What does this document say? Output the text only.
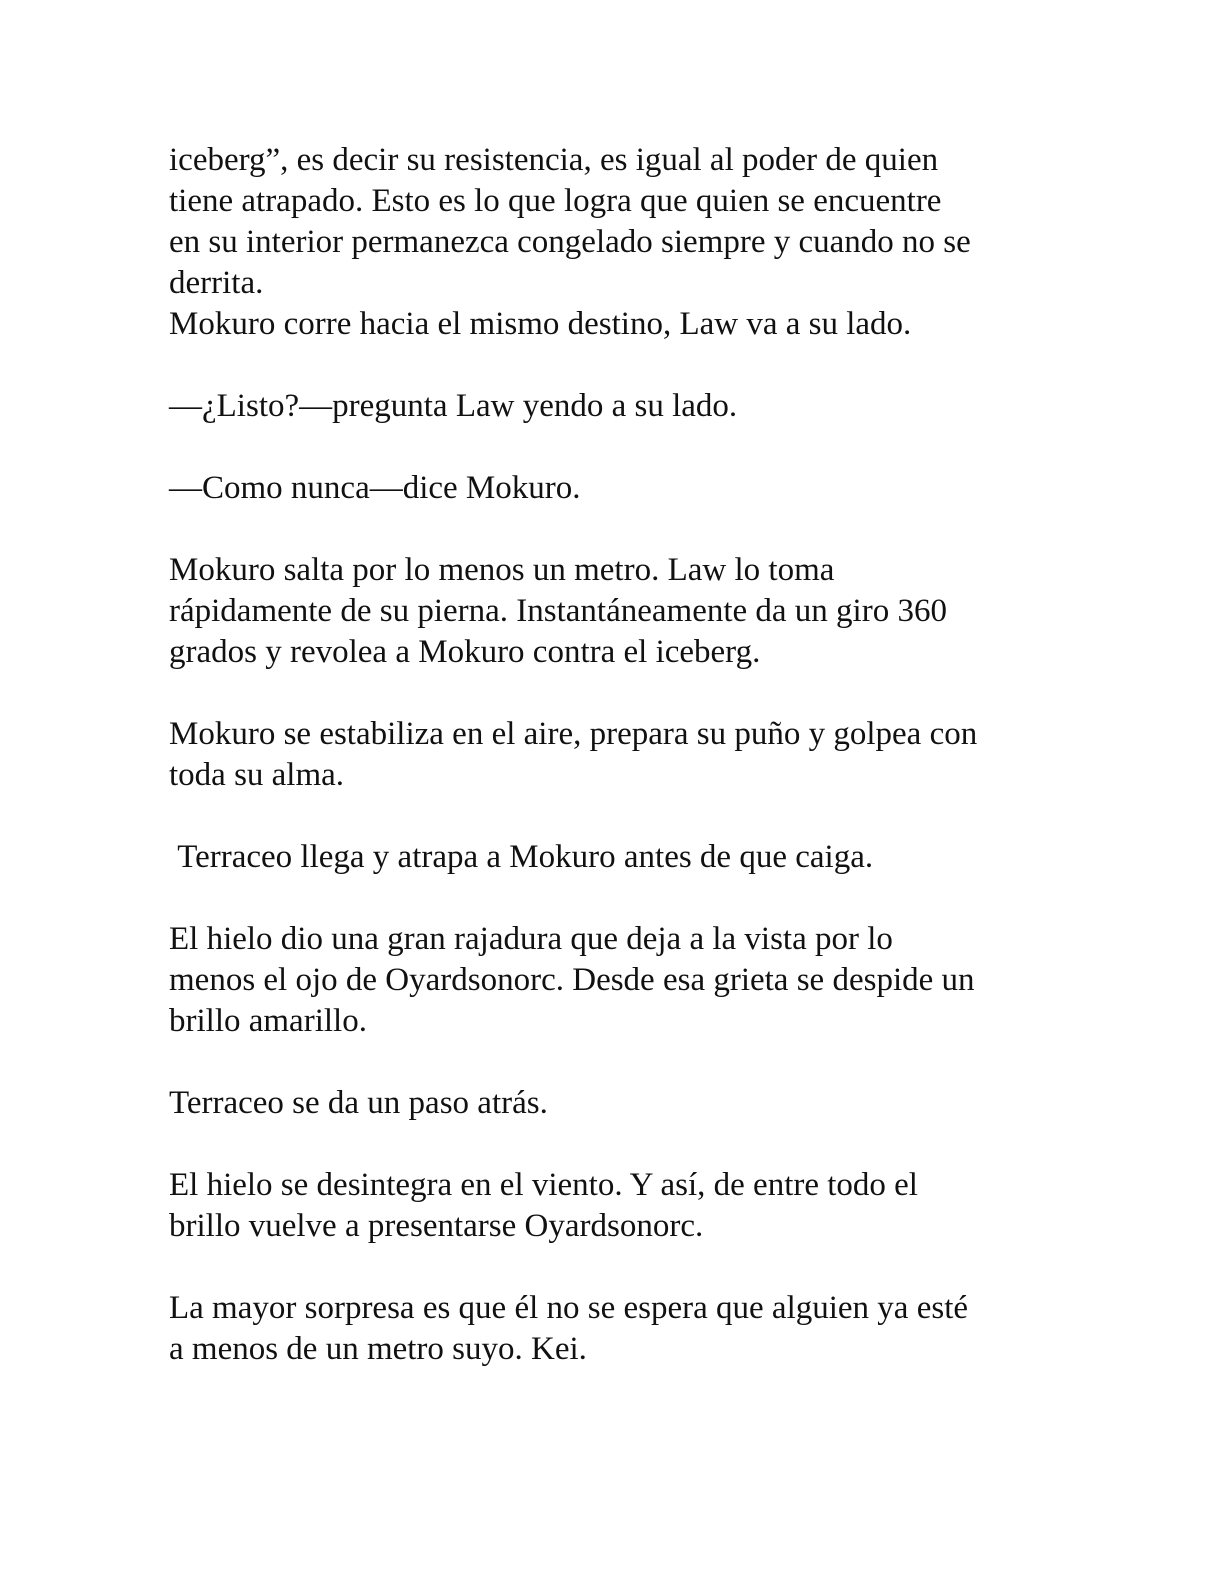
iceberg”, es decir su resistencia, es igual al poder de quien
tiene atrapado. Esto es lo que logra que quien se encuentre
en su interior permanezca congelado siempre y cuando no se
derrita.

Mokuro corre hacia el mismo destino, Law va a su lado.

—¿Listo?—pregunta Law yendo a su lado.

—Como nunca—dice Mokuro.

Mokuro salta por lo menos un metro. Law lo toma
rápidamente de su pierna. Instantáneamente da un giro 360
grados y revolea a Mokuro contra el iceberg.

Mokuro se estabiliza en el aire, prepara su puño y golpea con
toda su alma.

Terraceo llega y atrapa a Mokuro antes de que caiga.

El hielo dio una gran rajadura que deja a la vista por lo
menos el ojo de Oyardsonorc. Desde esa grieta se despide un
brillo amarillo.

Terraceo se da un paso atrás.

El hielo se desintegra en el viento. Y así, de entre todo el
brillo vuelve a presentarse Oyardsonorc.

La mayor sorpresa es que él no se espera que alguien ya esté
a menos de un metro suyo. Kei.
